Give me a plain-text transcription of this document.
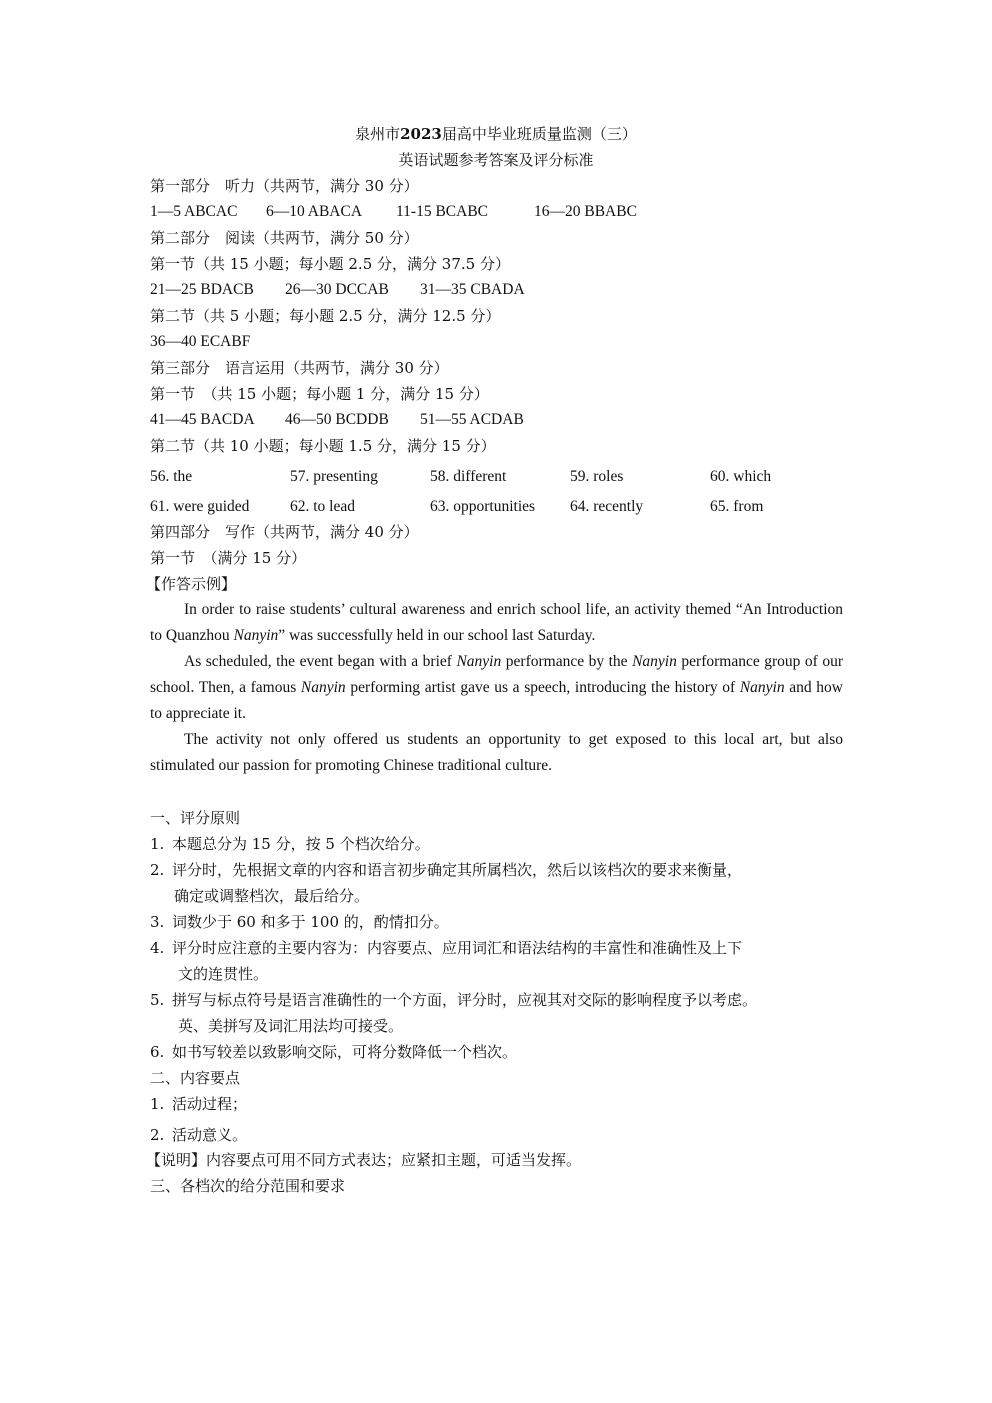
泉州市2023届高中毕业班质量监测（三）
英语试题参考答案及评分标准
第一部分　听力（共两节，满分 30 分）
1—5 ABCAC 6—10 ABACA 11-15 BCABC	16—20 BBABC
第二部分　阅读（共两节，满分 50 分）
第一节（共 15 小题；每小题 2.5 分，满分 37.5 分）
21—25 BDACB 26—30 DCCAB 31—35 CBADA
第二节（共 5 小题；每小题 2.5 分，满分 12.5 分）
36—40 ECABF
第三部分　语言运用（共两节，满分 30 分）
第一节　（共 15 小题；每小题 1 分，满分 15 分）
41—45 BACDA 46—50 BCDDB 51—55 ACDAB
第二节（共 10 小题；每小题 1.5 分，满分 15 分）
56. the	57. presenting	58. different	59. roles	60. which
61. were guided	62. to lead	63. opportunities 64. recently	65. from
第四部分　写作（共两节，满分 40 分）
第一节　（满分 15 分）
【作答示例】
In order to raise students’ cultural awareness and enrich school life, an activity themed “An Introduction to Quanzhou Nanyin” was successfully held in our school last Saturday.
As scheduled, the event began with a brief Nanyin performance by the Nanyin performance group of our school. Then, a famous Nanyin performing artist gave us a speech, introducing the history of Nanyin and how to appreciate it.
The activity not only offered us students an opportunity to get exposed to this local art, but also stimulated our passion for promoting Chinese traditional culture.
一、评分原则
1. 本题总分为 15 分，按 5 个档次给分。
2. 评分时，先根据文章的内容和语言初步确定其所属档次，然后以该档次的要求来衡量，
确定或调整档次，最后给分。
3. 词数少于 60 和多于 100 的，酌情扣分。
4. 评分时应注意的主要内容为：内容要点、应用词汇和语法结构的丰富性和准确性及上下
文的连贯性。
5. 拼写与标点符号是语言准确性的一个方面，评分时，应视其对交际的影响程度予以考虑。
英、美拼写及词汇用法均可接受。
6. 如书写较差以致影响交际，可将分数降低一个档次。
二、内容要点
1. 活动过程；
2. 活动意义。
【说明】内容要点可用不同方式表达；应紧扣主题，可适当发挥。
三、各档次的给分范围和要求
